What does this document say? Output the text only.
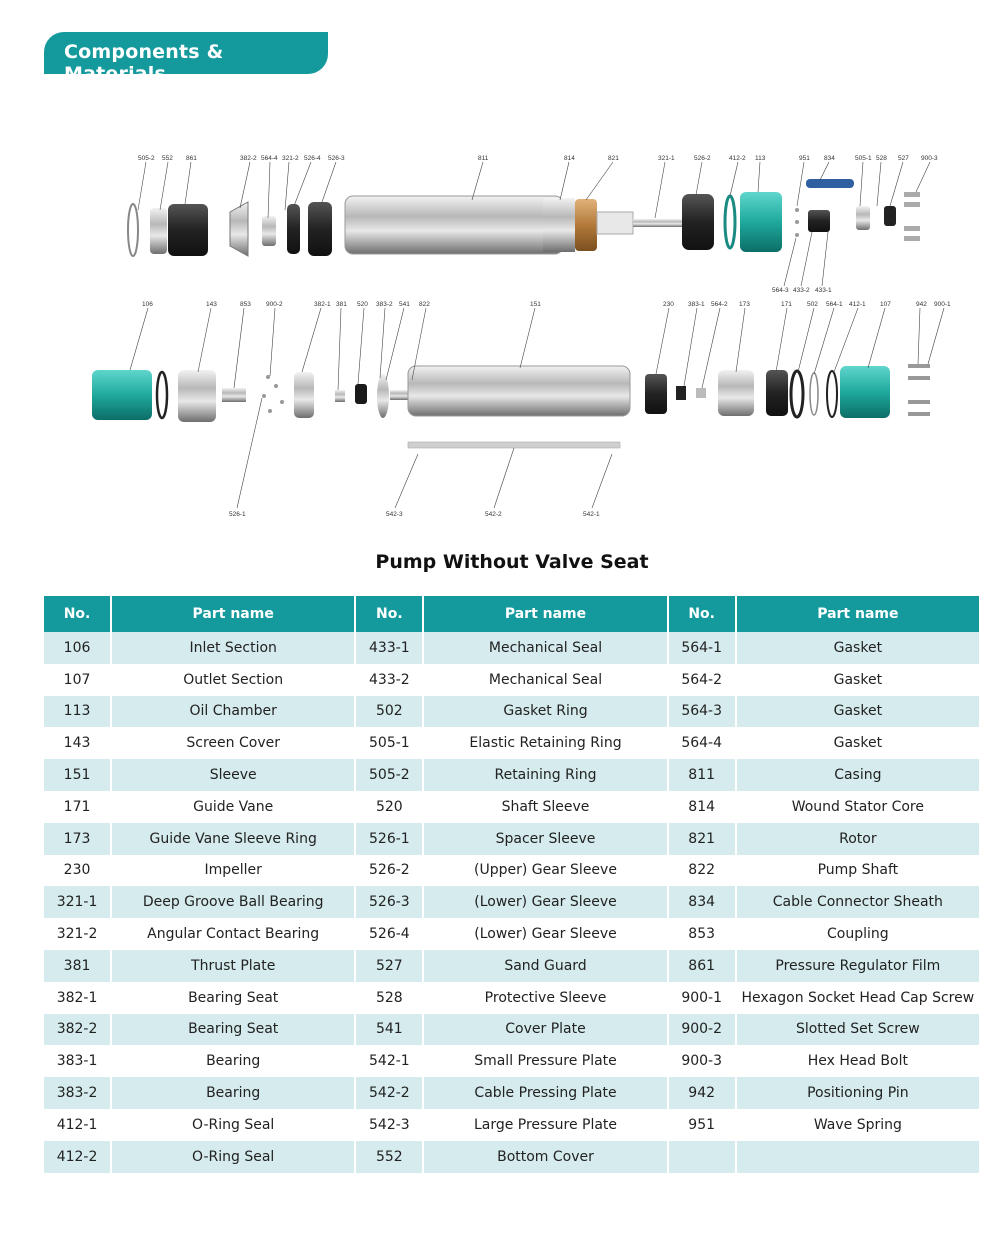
Components & Materials
505-2 552 861	382-2 564-4 321-2 526-4 526-3	811	814	821	321-1	526-2	412-2 113	951 834	505-1 528 527 900-3
564-3 433-2 433-1
106	143	853 900-2	382-1 381 520 383-2 541 822	151	230 383-1 564-2 173	171 502 564-1 412-1 107	942 900-1
526-1	542-3	542-2	542-1
Pump Without Valve Seat
No.	Part name	No.	Part name	No.	Part name
106	Inlet Section	433-1	Mechanical Seal	564-1	Gasket
107	Outlet Section	433-2	Mechanical Seal	564-2	Gasket
113	Oil Chamber	502	Gasket Ring	564-3	Gasket
143	Screen Cover	505-1	Elastic Retaining Ring	564-4	Gasket
151	Sleeve	505-2	Retaining Ring	811	Casing
171	Guide Vane	520	Shaft Sleeve	814	Wound Stator Core
173	Guide Vane Sleeve Ring	526-1	Spacer Sleeve	821	Rotor
230	Impeller	526-2	(Upper) Gear Sleeve	822	Pump Shaft
321-1	Deep Groove Ball Bearing	526-3	(Lower) Gear Sleeve	834	Cable Connector Sheath
321-2	Angular Contact Bearing	526-4	(Lower) Gear Sleeve	853	Coupling
381	Thrust Plate	527	Sand Guard	861	Pressure Regulator Film
382-1	Bearing Seat	528	Protective Sleeve	900-1	Hexagon Socket Head Cap Screw
382-2	Bearing Seat	541	Cover Plate	900-2	Slotted Set Screw
383-1	Bearing	542-1	Small Pressure Plate	900-3	Hex Head Bolt
383-2	Bearing	542-2	Cable Pressing Plate	942	Positioning Pin
412-1	O-Ring Seal	542-3	Large Pressure Plate	951	Wave Spring
412-2	O-Ring Seal	552	Bottom Cover		
